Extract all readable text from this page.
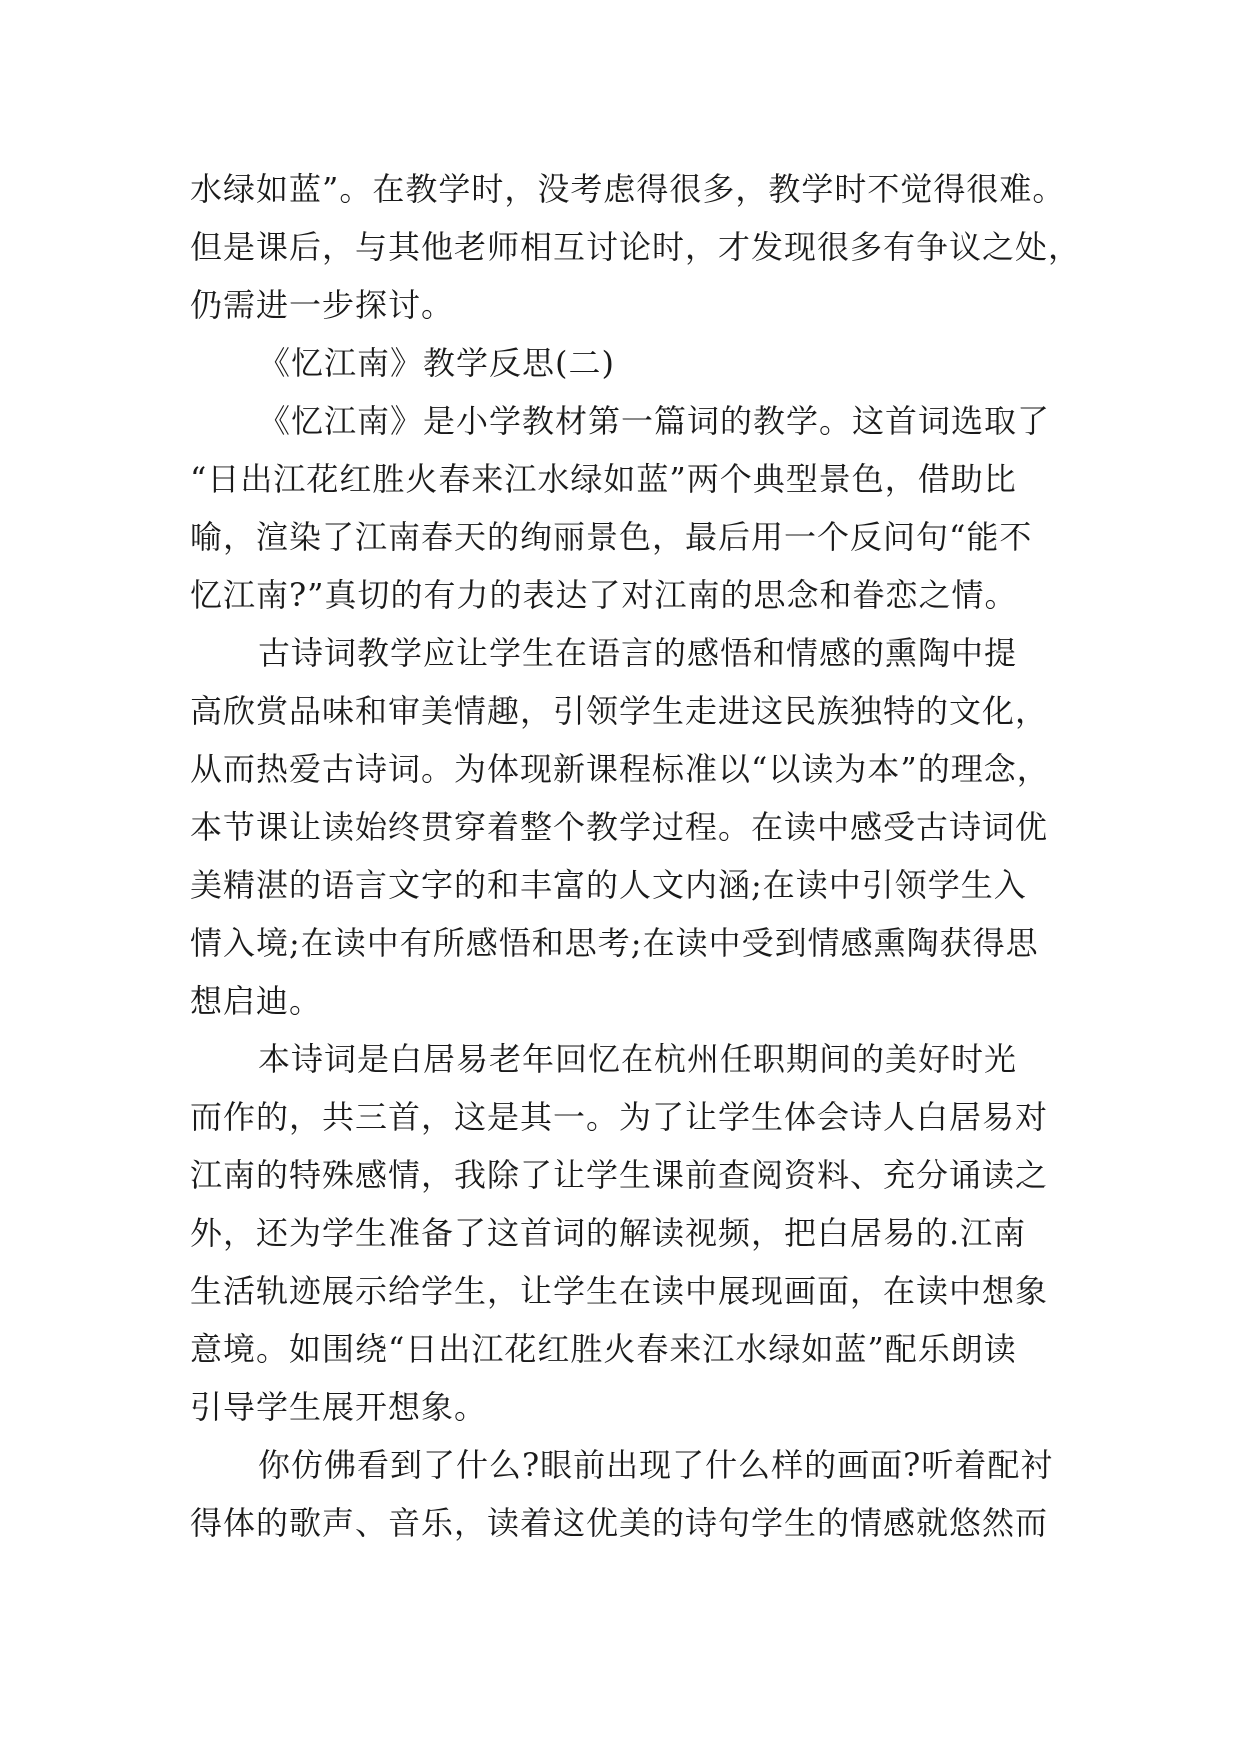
水绿如蓝”。在教学时，没考虑得很多，教学时不觉得很难。
但是课后，与其他老师相互讨论时，才发现很多有争议之处，
仍需进一步探讨。
《忆江南》教学反思(二)
《忆江南》是小学教材第一篇词的教学。这首词选取了
“日出江花红胜火春来江水绿如蓝”两个典型景色，借助比
喻，渲染了江南春天的绚丽景色，最后用一个反问句“能不
忆江南?”真切的有力的表达了对江南的思念和眷恋之情。
古诗词教学应让学生在语言的感悟和情感的熏陶中提
高欣赏品味和审美情趣，引领学生走进这民族独特的文化，
从而热爱古诗词。为体现新课程标准以“以读为本”的理念，
本节课让读始终贯穿着整个教学过程。在读中感受古诗词优
美精湛的语言文字的和丰富的人文内涵;在读中引领学生入
情入境;在读中有所感悟和思考;在读中受到情感熏陶获得思
想启迪。
本诗词是白居易老年回忆在杭州任职期间的美好时光
而作的，共三首，这是其一。为了让学生体会诗人白居易对
江南的特殊感情，我除了让学生课前查阅资料、充分诵读之
外，还为学生准备了这首词的解读视频，把白居易的.江南
生活轨迹展示给学生，让学生在读中展现画面，在读中想象
意境。如围绕“日出江花红胜火春来江水绿如蓝”配乐朗读
引导学生展开想象。
你仿佛看到了什么?眼前出现了什么样的画面?听着配衬
得体的歌声、音乐，读着这优美的诗句学生的情感就悠然而
